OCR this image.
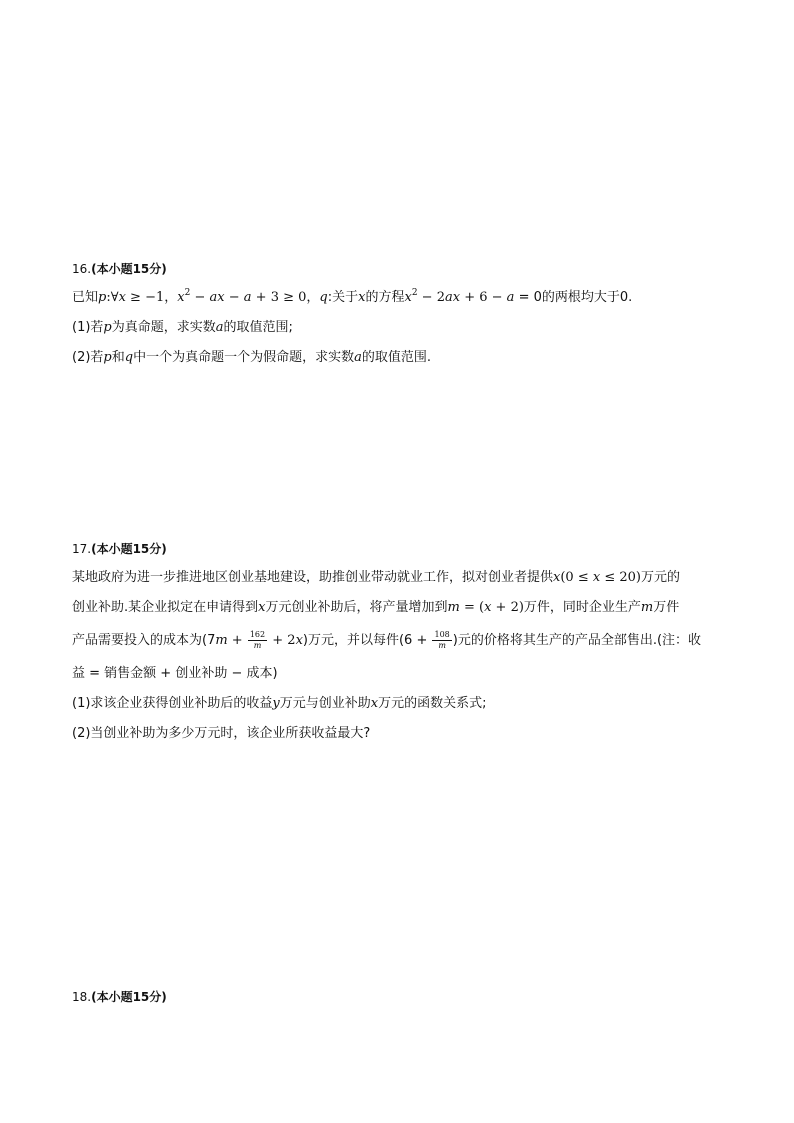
16.(本小题15分)
已知p:∀x ≥ −1，$x^2$ − ax − a + 3 ≥ 0，q:关于x的方程$x^2 - 2ax + 6 - a = 0$的两根均大于0.
(1)若p为真命题，求实数a的取值范围;
(2)若p和q中一个为真命题一个为假命题，求实数a的取值范围.
17.(本小题15分)
某地政府为进一步推进地区创业基地建设，助推创业带动就业工作，拟对创业者提供x(0 ≤ x ≤ 20)万元的
创业补助.某企业拟定在申请得到x万元创业补助后，将产量增加到m = (x + 2)万件，同时企业生产m万件
产品需要投入的成本为$(7m + \frac{162}{m} + 2x)$万元，并以每件($6 + \frac{108}{m}$ )元的价格将其生产的产品全部售出.(注：收
益 = 销售金额 + 创业补助 − 成本)
(1)求该企业获得创业补助后的收益y万元与创业补助x万元的函数关系式;
(2)当创业补助为多少万元时，该企业所获收益最大?
18.(本小题15分)
